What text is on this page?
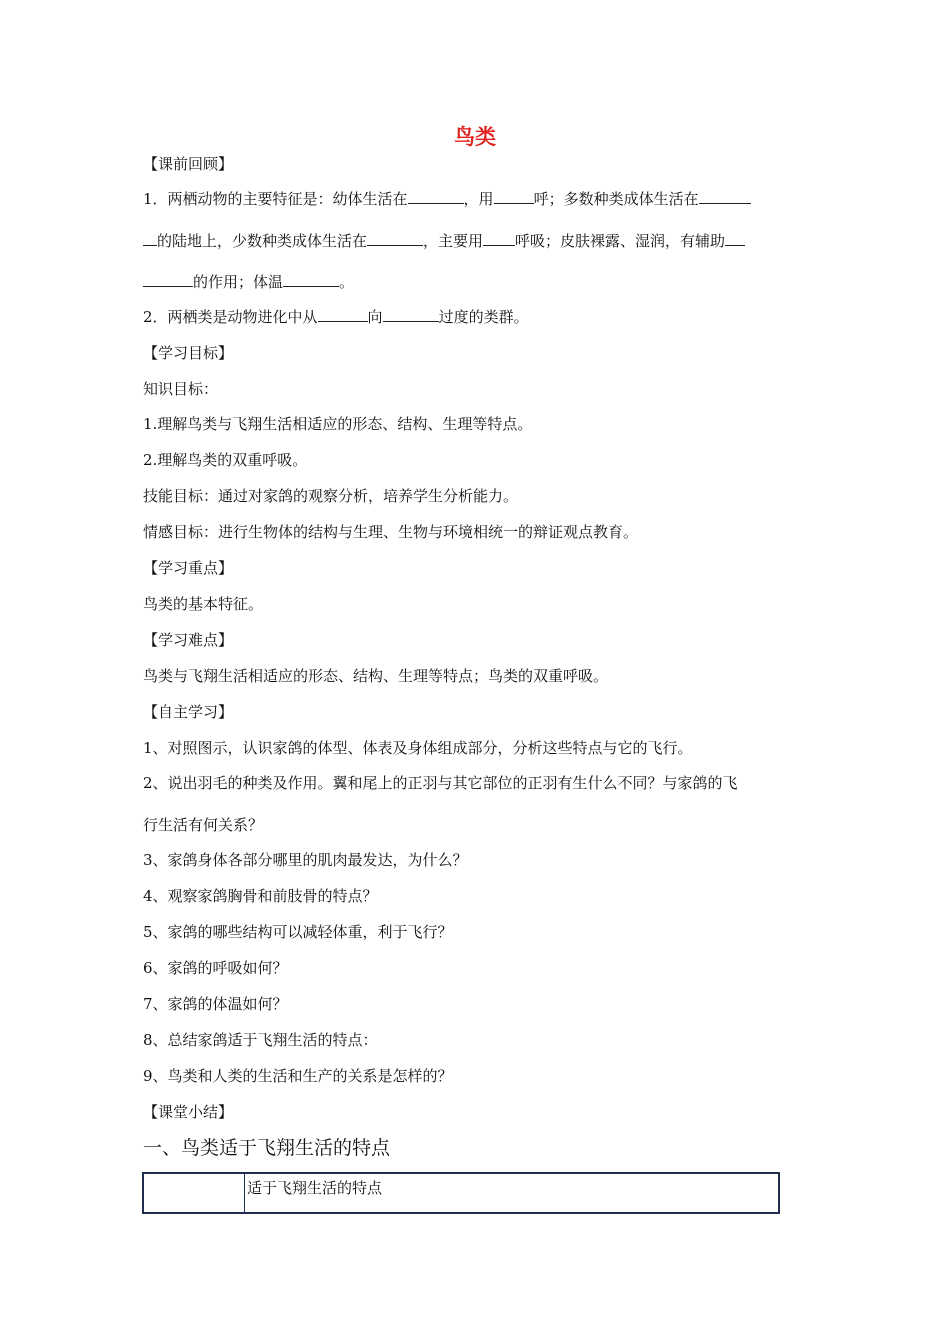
鸟类
【课前回顾】
1．两栖动物的主要特征是：幼体生活在	，用	呼；多数种类成体生活在
的陆地上，少数种类成体生活在	，主要用 呼吸；皮肤裸露、湿润，有辅助
的作用；体温	。
2．两栖类是动物进化中从	向	过度的类群。
【学习目标】
知识目标：
1.理解鸟类与飞翔生活相适应的形态、结构、生理等特点。
2.理解鸟类的双重呼吸。
技能目标：通过对家鸽的观察分析，培养学生分析能力。
情感目标：进行生物体的结构与生理、生物与环境相统一的辩证观点教育。
【学习重点】
鸟类的基本特征。
【学习难点】
鸟类与飞翔生活相适应的形态、结构、生理等特点；鸟类的双重呼吸。
【自主学习】
1、对照图示，认识家鸽的体型、体表及身体组成部分，分析这些特点与它的飞行。
2、说出羽毛的种类及作用。翼和尾上的正羽与其它部位的正羽有生什么不同？与家鸽的飞
行生活有何关系？
3、家鸽身体各部分哪里的肌肉最发达，为什么？
4、观察家鸽胸骨和前肢骨的特点？
5、家鸽的哪些结构可以减轻体重，利于飞行？
6、家鸽的呼吸如何？
7、家鸽的体温如何？
8、总结家鸽适于飞翔生活的特点：
9、鸟类和人类的生活和生产的关系是怎样的？
【课堂小结】
一、鸟类适于飞翔生活的特点
	适于飞翔生活的特点
